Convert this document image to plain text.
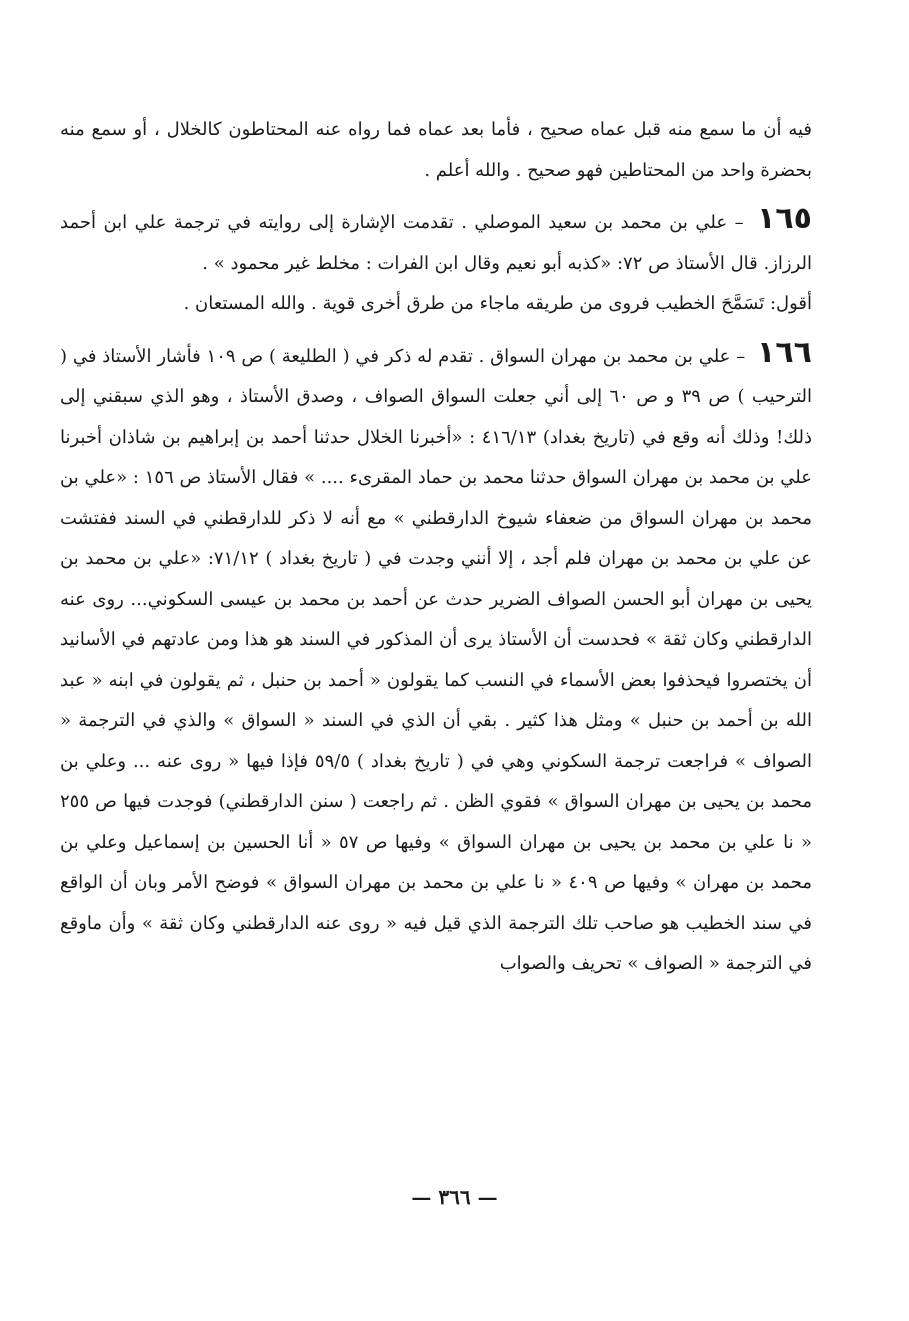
فيه أن ما سمع منه قبل عماه صحيح ، فأما بعد عماه فما رواه عنه المحتاطون كالخلال ، أو سمع منه بحضرة واحد من المحتاطين فهو صحيح . والله أعلم .

١٦٥ – علي بن محمد بن سعيد الموصلي . تقدمت الإشارة إلى روايته في ترجمة علي ابن أحمد الرزاز. قال الأستاذ ص ٧٢: «كذبه أبو نعيم وقال ابن الفرات : مخلط غير محمود » .

أقول: تَسَمَّحَ الخطيب فروى من طريقه ماجاء من طرق أخرى قوية . والله المستعان .

١٦٦ – علي بن محمد بن مهران السواق . تقدم له ذكر في ( الطليعة ) ص ١٠٩ فأشار الأستاذ في ( الترحيب ) ص ٣٩ و ص ٦٠ إلى أني جعلت السواق الصواف ، وصدق الأستاذ ، وهو الذي سبقني إلى ذلك! وذلك أنه وقع في (تاريخ بغداد) ٤١٦/١٣ : «أخبرنا الخلال حدثنا أحمد بن إبراهيم بن شاذان أخبرنا علي بن محمد بن مهران السواق حدثنا محمد بن حماد المقرىء .... » فقال الأستاذ ص ١٥٦ : «علي بن محمد بن مهران السواق من ضعفاء شيوخ الدارقطني » مع أنه لا ذكر للدارقطني في السند ففتشت عن علي بن محمد بن مهران فلم أجد ، إلا أنني وجدت في ( تاريخ بغداد ) ٧١/١٢: «علي بن محمد بن يحيى بن مهران أبو الحسن الصواف الضرير حدث عن أحمد بن محمد بن عيسى السكوني... روى عنه الدارقطني وكان ثقة » فحدست أن الأستاذ يرى أن المذكور في السند هو هذا ومن عادتهم في الأسانيد أن يختصروا فيحذفوا بعض الأسماء في النسب كما يقولون « أحمد بن حنبل ، ثم يقولون في ابنه « عبد الله بن أحمد بن حنبل » ومثل هذا كثير . بقي أن الذي في السند « السواق » والذي في الترجمة « الصواف » فراجعت ترجمة السكوني وهي في ( تاريخ بغداد ) ٥٩/٥ فإذا فيها « روى عنه ... وعلي بن محمد بن يحيى بن مهران السواق » فقوي الظن . ثم راجعت ( سنن الدارقطني) فوجدت فيها ص ٢٥٥ « نا علي بن محمد بن يحيى بن مهران السواق » وفيها ص ٥٧ « أنا الحسين بن إسماعيل وعلي بن محمد بن مهران » وفيها ص ٤٠٩ « نا علي بن محمد بن مهران السواق » فوضح الأمر وبان أن الواقع في سند الخطيب هو صاحب تلك الترجمة الذي قيل فيه « روى عنه الدارقطني وكان ثقة » وأن ماوقع في الترجمة « الصواف » تحريف والصواب

— ٣٦٦ —
